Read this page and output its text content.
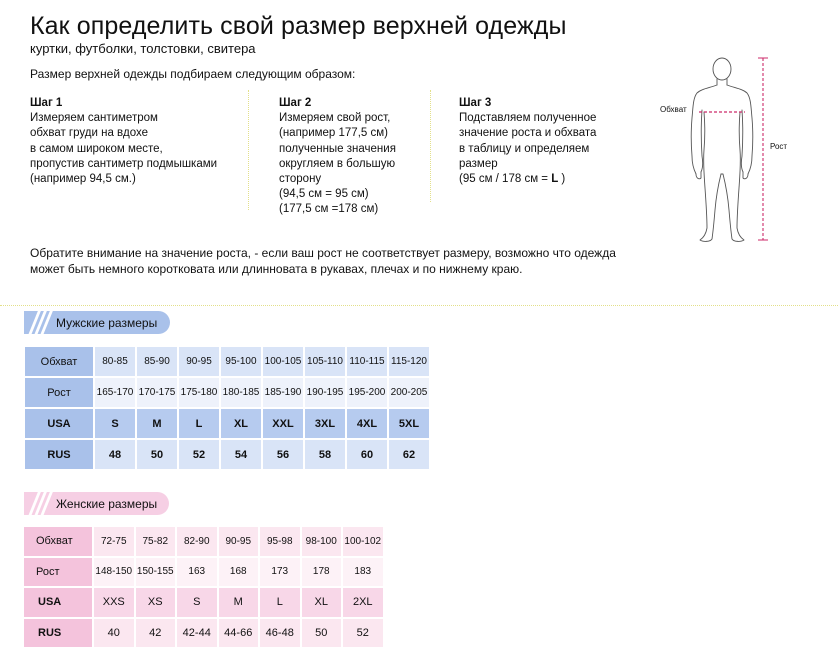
Как определить свой размер верхней одежды
куртки, футболки, толстовки, свитера
Размер верхней одежды подбираем следующим образом:
Шаг 1
Измеряем сантиметром
обхват груди на вдохе
в самом широком месте,
пропустив сантиметр подмышками
(например 94,5 см.)
Шаг 2
Измеряем свой рост,
(например 177,5 см)
полученные значения
округляем в большую
сторону
(94,5 см = 95 см)
(177,5 см =178 см)
Шаг 3
Подставляем полученное
значение роста и обхвата
в таблицу и определяем
размер
(95 см / 178 см = L )
Обхват
Рост
Обратите внимание на значение роста, - если ваш рост не соответствует размеру, возможно что одежда
может быть немного коротковата или длинновата в рукавах, плечах и по нижнему краю.
Мужские размеры
Обхват	80-85	85-90	90-95	95-100	100-105	105-110	110-115	115-120
Рост	165-170	170-175	175-180	180-185	185-190	190-195	195-200	200-205
USA	S	M	L	XL	XXL	3XL	4XL	5XL
RUS	48	50	52	54	56	58	60	62
Женские размеры
Обхват	72-75	75-82	82-90	90-95	95-98	98-100	100-102
Рост	148-150	150-155	163	168	173	178	183
USA	XXS	XS	S	M	L	XL	2XL
RUS	40	42	42-44	44-66	46-48	50	52
